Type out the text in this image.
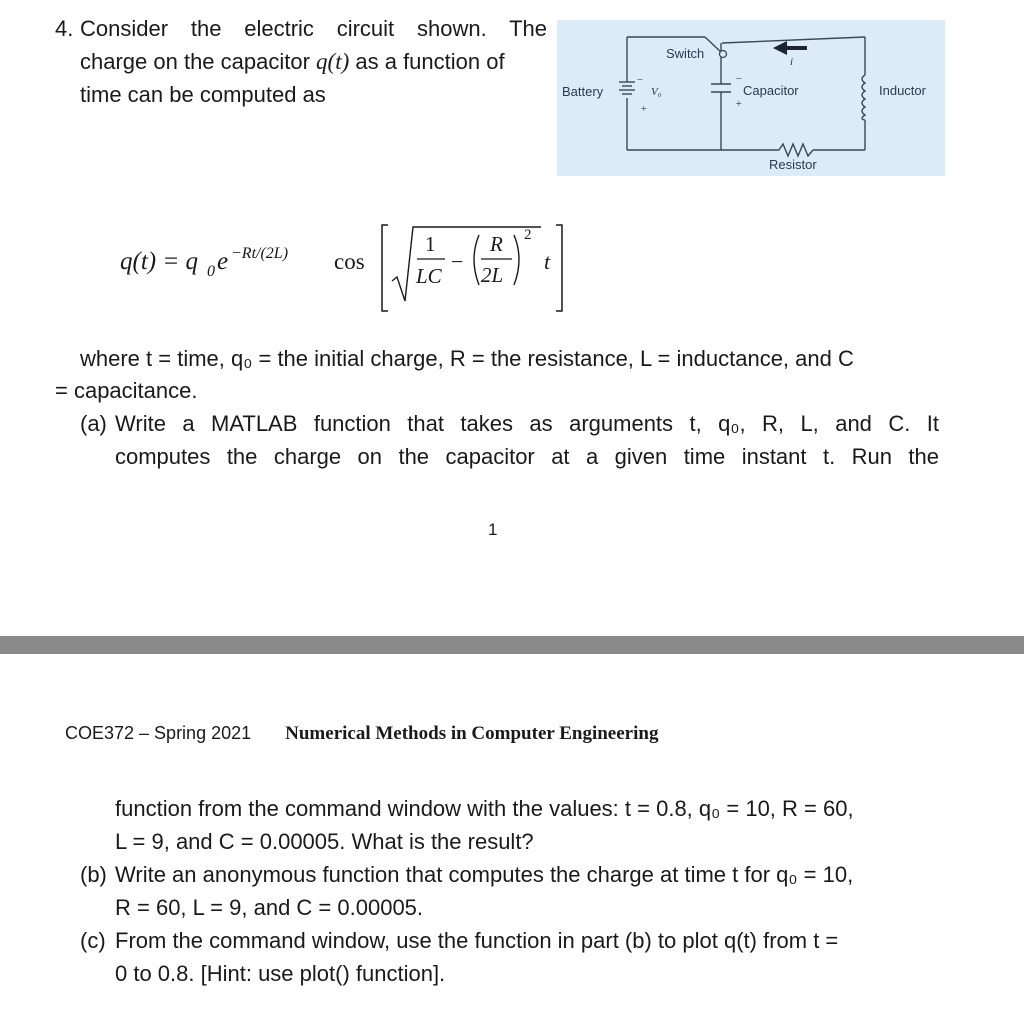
4. Consider the electric circuit shown. The
charge on the capacitor q(t) as a function of
time can be computed as
Switch
Battery	V₀
+
−
Capacitor
−
+
i
Inductor
Resistor
q(t) = q 0 e −Rt/(2L) cos
1
LC
−
R
2L
2
t
where t = time, q₀ = the initial charge, R = the resistance, L = inductance, and C
= capacitance.
(a) Write a MATLAB function that takes as arguments t, q₀, R, L, and C. It
computes the charge on the capacitor at a given time instant t. Run the
1
COE372 – Spring 2021 Numerical Methods in Computer Engineering
function from the command window with the values: t = 0.8, q₀ = 10, R = 60,
L = 9, and C = 0.00005. What is the result?
(b) Write an anonymous function that computes the charge at time t for q₀ = 10,
R = 60, L = 9, and C = 0.00005.
(c) From the command window, use the function in part (b) to plot q(t) from t =
0 to 0.8. [Hint: use plot() function].
